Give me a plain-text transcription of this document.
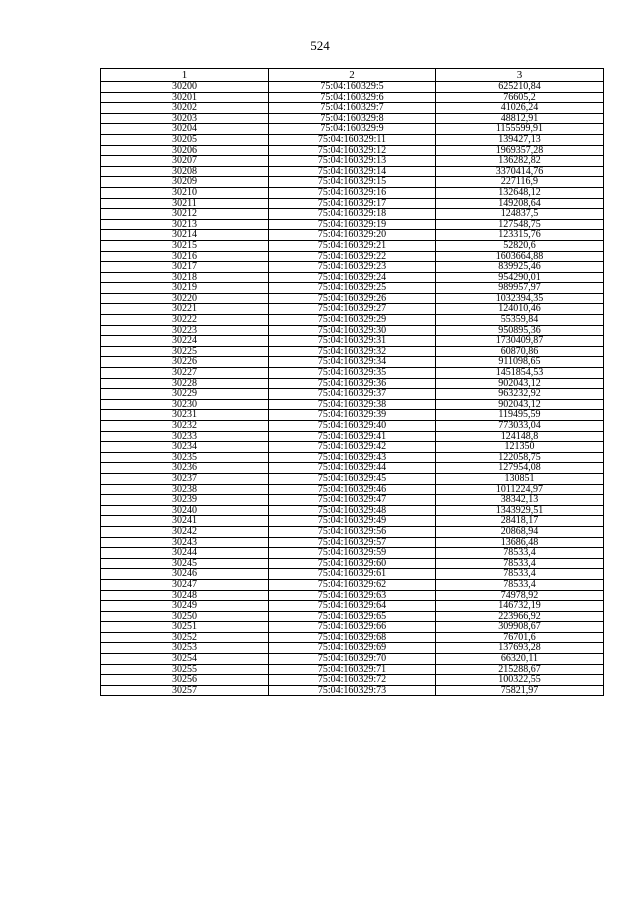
524
1	2	3
30200	75:04:160329:5	625210,84
30201	75:04:160329:6	76605,2
30202	75:04:160329:7	41026,24
30203	75:04:160329:8	48812,91
30204	75:04:160329:9	1155599,91
30205	75:04:160329:11	139427,13
30206	75:04:160329:12	1969357,28
30207	75:04:160329:13	136282,82
30208	75:04:160329:14	3370414,76
30209	75:04:160329:15	227116,9
30210	75:04:160329:16	132648,12
30211	75:04:160329:17	149208,64
30212	75:04:160329:18	124837,5
30213	75:04:160329:19	127548,75
30214	75:04:160329:20	123315,76
30215	75:04:160329:21	52820,6
30216	75:04:160329:22	1603664,88
30217	75:04:160329:23	839925,46
30218	75:04:160329:24	954290,01
30219	75:04:160329:25	989957,97
30220	75:04:160329:26	1032394,35
30221	75:04:160329:27	124010,46
30222	75:04:160329:29	55359,84
30223	75:04:160329:30	950895,36
30224	75:04:160329:31	1730409,87
30225	75:04:160329:32	60870,86
30226	75:04:160329:34	911098,65
30227	75:04:160329:35	1451854,53
30228	75:04:160329:36	902043,12
30229	75:04:160329:37	963232,92
30230	75:04:160329:38	902043,12
30231	75:04:160329:39	119495,59
30232	75:04:160329:40	773033,04
30233	75:04:160329:41	124148,8
30234	75:04:160329:42	121350
30235	75:04:160329:43	122058,75
30236	75:04:160329:44	127954,08
30237	75:04:160329:45	130851
30238	75:04:160329:46	1011224,97
30239	75:04:160329:47	38342,13
30240	75:04:160329:48	1343929,51
30241	75:04:160329:49	28418,17
30242	75:04:160329:56	20868,94
30243	75:04:160329:57	13686,48
30244	75:04:160329:59	78533,4
30245	75:04:160329:60	78533,4
30246	75:04:160329:61	78533,4
30247	75:04:160329:62	78533,4
30248	75:04:160329:63	74978,92
30249	75:04:160329:64	146732,19
30250	75:04:160329:65	223966,92
30251	75:04:160329:66	309908,67
30252	75:04:160329:68	76701,6
30253	75:04:160329:69	137693,28
30254	75:04:160329:70	66320,11
30255	75:04:160329:71	215288,67
30256	75:04:160329:72	100322,55
30257	75:04:160329:73	75821,97
